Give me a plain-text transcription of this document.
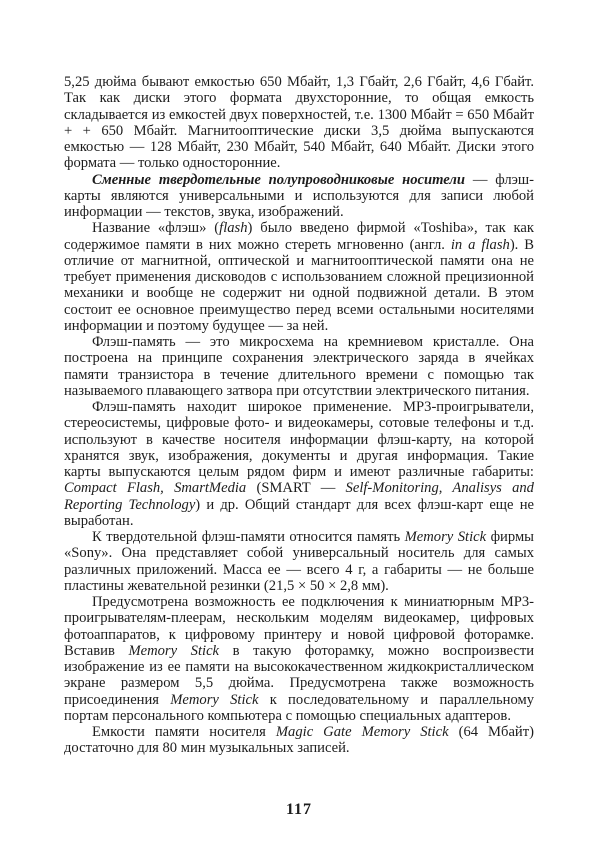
5,25 дюйма бывают емкостью 650 Мбайт, 1,3 Гбайт, 2,6 Гбайт, 4,6 Гбайт. Так как диски этого формата двухсторонние, то общая емкость складывается из емкостей двух поверхностей, т.е. 1300 Мбайт = 650 Мбайт + + 650 Мбайт. Магнитооптические диски 3,5 дюйма выпускаются емкостью — 128 Мбайт, 230 Мбайт, 540 Мбайт, 640 Мбайт. Диски этого формата — только односторонние.

Сменные твердотельные полупроводниковые носители — флэш-карты являются универсальными и используются для записи любой информации — текстов, звука, изображений.

Название «флэш» (flash) было введено фирмой «Toshiba», так как содержимое памяти в них можно стереть мгновенно (англ. in a flash). В отличие от магнитной, оптической и магнитооптической памяти она не требует применения дисководов с использованием сложной прецизионной механики и вообще не содержит ни одной подвижной детали. В этом состоит ее основное преимущество перед всеми остальными носителями информации и поэтому будущее — за ней.

Флэш-память — это микросхема на кремниевом кристалле. Она построена на принципе сохранения электрического заряда в ячейках памяти транзистора в течение длительного времени с помощью так называемого плавающего затвора при отсутствии электрического питания.

Флэш-память находит широкое применение. MP3-проигрыватели, стереосистемы, цифровые фото- и видеокамеры, сотовые телефоны и т.д. используют в качестве носителя информации флэш-карту, на которой хранятся звук, изображения, документы и другая информация. Такие карты выпускаются целым рядом фирм и имеют различные габариты: Compact Flash, SmartMedia (SMART — Self-Monitoring, Analisys and Reporting Technology) и др. Общий стандарт для всех флэш-карт еще не выработан.

К твердотельной флэш-памяти относится память Memory Stick фирмы «Sony». Она представляет собой универсальный носитель для самых различных приложений. Масса ее — всего 4 г, а габариты — не больше пластины жевательной резинки (21,5 × 50 × 2,8 мм).

Предусмотрена возможность ее подключения к миниатюрным MP3-проигрывателям-плеерам, нескольким моделям видеокамер, цифровых фотоаппаратов, к цифровому принтеру и новой цифровой фоторамке. Вставив Memory Stick в такую фоторамку, можно воспроизвести изображение из ее памяти на высококачественном жидкокристаллическом экране размером 5,5 дюйма. Предусмотрена также возможность присоединения Memory Stick к последовательному и параллельному портам персонального компьютера с помощью специальных адаптеров.

Емкости памяти носителя Magic Gate Memory Stick (64 Мбайт) достаточно для 80 мин музыкальных записей.

117
